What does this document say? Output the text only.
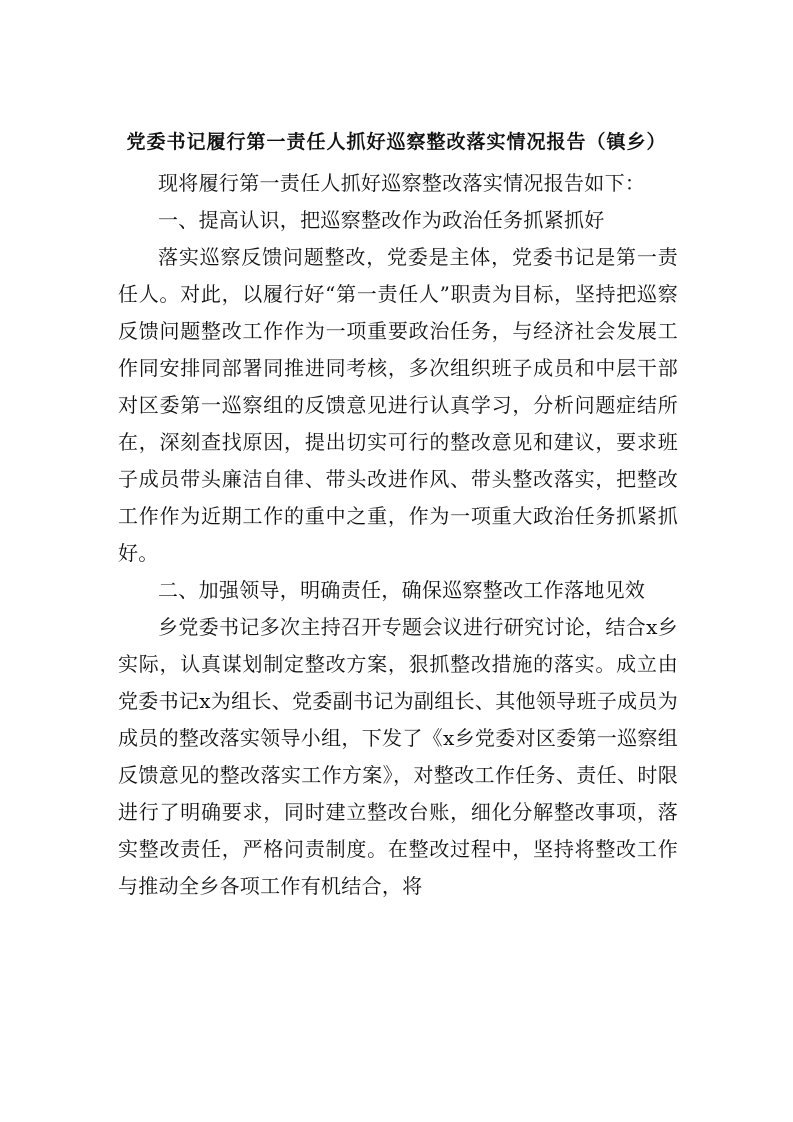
党委书记履行第一责任人抓好巡察整改落实情况报告（镇乡）

现将履行第一责任人抓好巡察整改落实情况报告如下：

一、提高认识，把巡察整改作为政治任务抓紧抓好

落实巡察反馈问题整改，党委是主体，党委书记是第一责任人。对此，以履行好“第一责任人”职责为目标，坚持把巡察反馈问题整改工作作为一项重要政治任务，与经济社会发展工作同安排同部署同推进同考核，多次组织班子成员和中层干部对区委第一巡察组的反馈意见进行认真学习，分析问题症结所在，深刻查找原因，提出切实可行的整改意见和建议，要求班子成员带头廉洁自律、带头改进作风、带头整改落实，把整改工作作为近期工作的重中之重，作为一项重大政治任务抓紧抓好。

二、加强领导，明确责任，确保巡察整改工作落地见效

乡党委书记多次主持召开专题会议进行研究讨论，结合x乡实际，认真谋划制定整改方案，狠抓整改措施的落实。成立由党委书记x为组长、党委副书记为副组长、其他领导班子成员为成员的整改落实领导小组，下发了《x乡党委对区委第一巡察组反馈意见的整改落实工作方案》，对整改工作任务、责任、时限进行了明确要求，同时建立整改台账，细化分解整改事项，落实整改责任，严格问责制度。在整改过程中，坚持将整改工作与推动全乡各项工作有机结合，将
